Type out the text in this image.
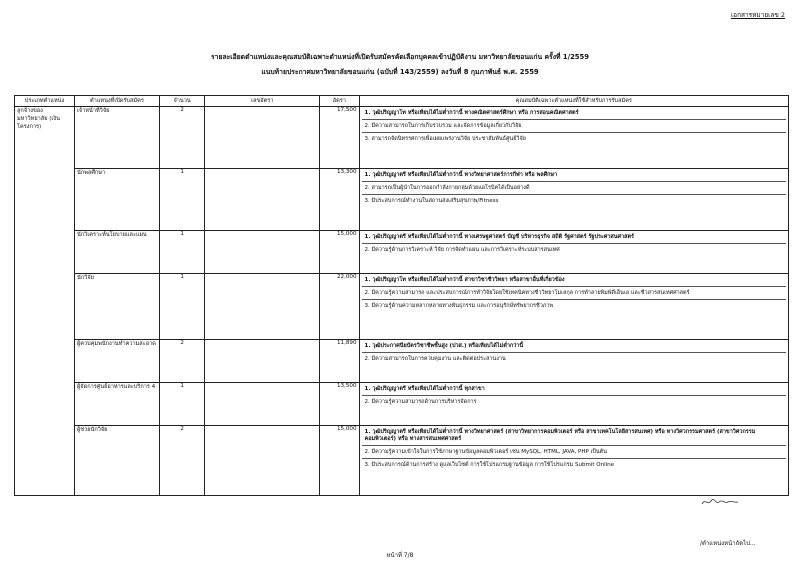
เอกสารหมายเลข 2
รายละเอียดตำแหน่งและคุณสมบัติเฉพาะตำแหน่งที่เปิดรับสมัครคัดเลือกบุคคลเข้าปฏิบัติงาน มหาวิทยาลัยขอนแก่น ครั้งที่ 1/2559
แนบท้ายประกาศมหาวิทยาลัยขอนแก่น (ฉบับที่ 143/2559) ลงวันที่ 8 กุมภาพันธ์ พ.ศ. 2559
ประเภทตำแหน่ง	ตำแหน่งที่เปิดรับสมัคร	จำนวน	เลขอัตรา	อัตรา	คุณสมบัติเฉพาะตำแหน่งที่ใช้สำหรับการรับสมัคร
ลูกจ้างของมหาวิทยาลัย (เงินโครงการ)	เจ้าหน้าที่วิจัย	2		17,500	1. วุฒิปริญญาโท หรือเทียบได้ไม่ต่ำกว่านี้ ทางคณิตศาสตร์ศึกษา หรือ การสอนคณิตศาสตร์
2. มีความสามารถในการเก็บรวบรวม และจัดการข้อมูลเกี่ยวกับวิจัย
3. สามารถจัดนิทรรศการเพื่อเผยแพร่งานวิจัย ประชาสัมพันธ์ศูนย์วิจัย

	นักพลศึกษา	1		13,300	1. วุฒิปริญญาตรี หรือเทียบได้ไม่ต่ำกว่านี้ ทางวิทยาศาสตร์การกีฬา หรือ พลศึกษา
2. สามารถเป็นผู้นำในการออกกำลังกายกลุ่มด้วยแอโรบิคได้เป็นอย่างดี
3. มีประสบการณ์ทำงานในสถานส่งเสริมสุขภาพ/Fitness

	นักวิเคราะห์นโยบายและแผน	1		15,000	1. วุฒิปริญญาตรี หรือเทียบได้ไม่ต่ำกว่านี้ ทางเศรษฐศาสตร์ บัญชี บริหารธุรกิจ สถิติ รัฐศาสตร์ รัฐประศาสนศาสตร์
2. มีความรู้ด้านการวิเคราะห์ วิจัย การจัดทำแผน และการวิเคราะห์ระบบสารสนเทศ

	นักวิจัย	1		22,000	1. วุฒิปริญญาโท หรือเทียบได้ไม่ต่ำกว่านี้ สาขาวิชาชีววิทยา หรือสาขาอื่นที่เกี่ยวข้อง
2. มีความรู้ความสามารถ และประสบการณ์การทำวิจัยโดยใช้เทคนิคทางชีววิทยาโมเลกุล การทำลายพิมพ์ดีเอ็นเอ และชีวสารสนเทศศาสตร์
3. มีความรู้ด้านความหลากหลายทางพันธุกรรม และการอนุรักษ์ทรัพยากรชีวภาพ

	ผู้ควบคุมพนักงานทำความสะอาด	2		11,890	1. วุฒิประกาศนียบัตรวิชาชีพชั้นสูง (ปวส.) หรือเทียบได้ไม่ต่ำกว่านี้
2. มีความสามารถในการควบคุมงาน และติดต่อประสานงาน

	ผู้จัดการศูนย์อาหารและบริการ 4	1		13,500	1. วุฒิปริญญาตรี หรือเทียบได้ไม่ต่ำกว่านี้ ทุกสาขา
2. มีความรู้ความสามารถด้านการบริหารจัดการ

	ผู้ช่วยนักวิจัย	2		15,000	1. วุฒิปริญญาตรี หรือเทียบได้ไม่ต่ำกว่านี้ ทางวิทยาศาสตร์ (สาขาวิทยาการคอมพิวเตอร์ หรือ สาขาเทคโนโลยีสารสนเทศ) หรือ ทางวิศวกรรมศาสตร์ (สาขาวิศวกรรมคอมพิวเตอร์) หรือ ทางสารสนเทศศาสตร์
2. มีความรู้ความเข้าใจในการใช้ภาษาฐานข้อมูลคอมพิวเตอร์ เช่น MySQL, HTML, JAVA, PHP เป็นต้น
3. มีประสบการณ์ด้านการสร้าง ดูแลเว็บไซต์ การใช้โปรแกรมฐานข้อมูล การใช้โปรแกรม Submit Online
/ตำแหน่งหน้าถัดไป...
หน้าที่ 7/8
